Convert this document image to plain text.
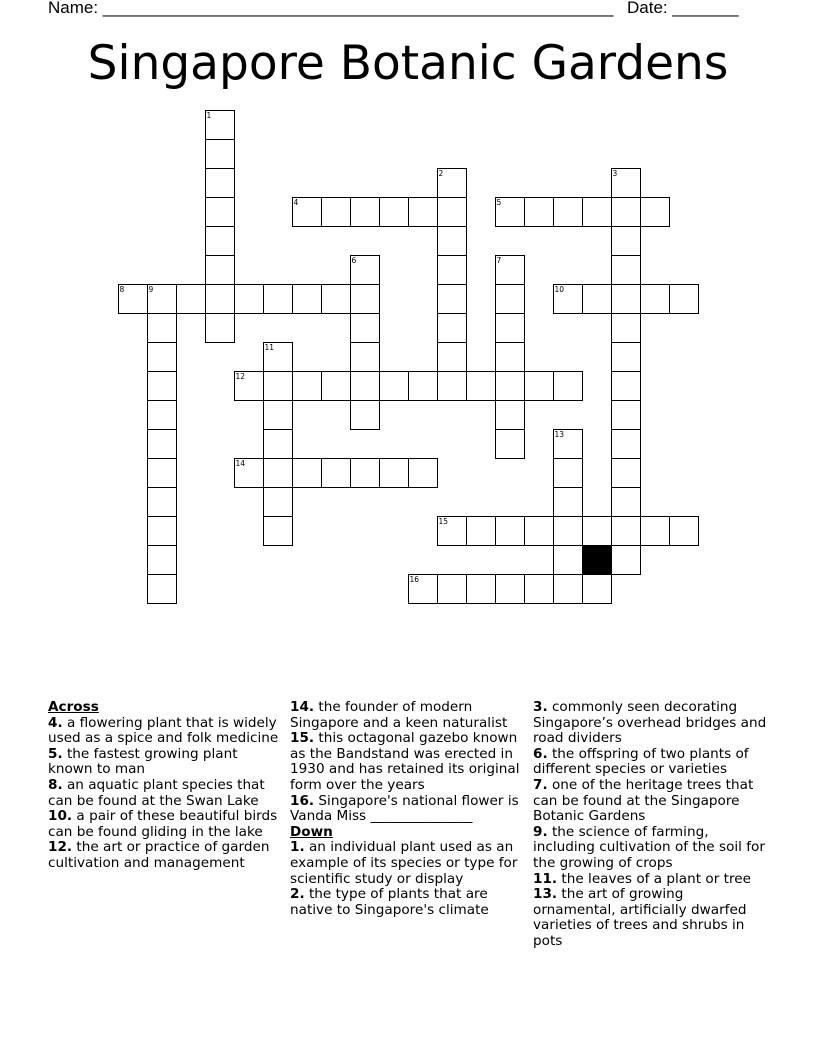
Name: ______________________________________________________ Date: _______
Singapore Botanic Gardens
1
2	3
4	5
6	7
8	9	10
11
12
13
14
15
16
Across
4. a flowering plant that is widely used as a spice and folk medicine
5. the fastest growing plant known to man
8. an aquatic plant species that can be found at the Swan Lake
10. a pair of these beautiful birds can be found gliding in the lake
12. the art or practice of garden cultivation and management
14. the founder of modern Singapore and a keen naturalist
15. this octagonal gazebo known as the Bandstand was erected in 1930 and has retained its original form over the years
16. Singapore's national flower is Vanda Miss _______________
Down
1. an individual plant used as an example of its species or type for scientific study or display
2. the type of plants that are native to Singapore's climate
3. commonly seen decorating Singapore’s overhead bridges and road dividers
6. the offspring of two plants of different species or varieties
7. one of the heritage trees that can be found at the Singapore Botanic Gardens
9. the science of farming, including cultivation of the soil for the growing of crops
11. the leaves of a plant or tree
13. the art of growing ornamental, artificially dwarfed varieties of trees and shrubs in pots
